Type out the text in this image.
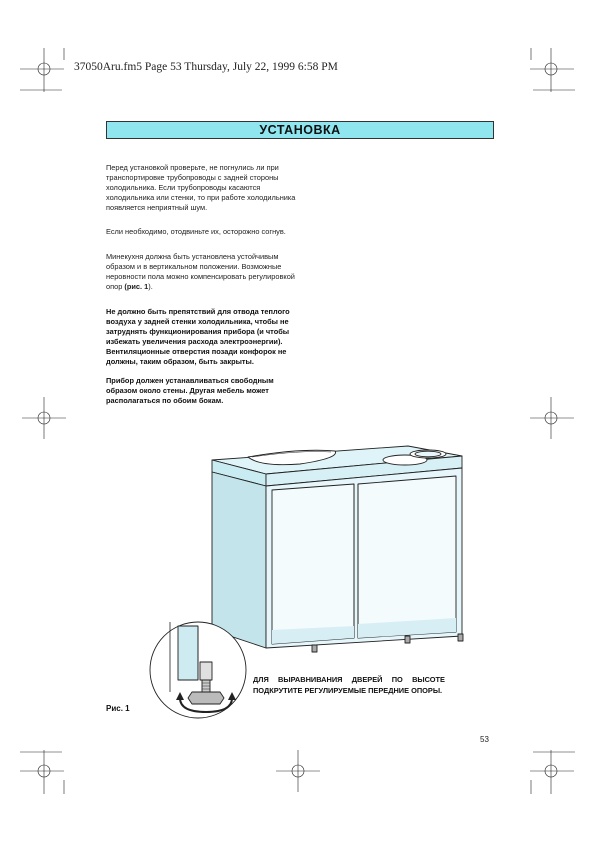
37050Aru.fm5 Page 53 Thursday, July 22, 1999 6:58 PM
УСТАНОВКА
Перед установкой проверьте, не погнулись ли при транспортировке трубопроводы с задней стороны холодильника. Если трубопроводы касаются холодильника или стенки, то при работе холодильника появляется неприятный шум.
Если необходимо, отодвиньте их, осторожно согнув.
Минекухня должна быть установлена устойчивым образом и в вертикальном положении. Возможные неровности пола можно компенсировать регулировкой опор (рис. 1).
Не должно быть препятствий для отвода теплого воздуха у задней стенки холодильника, чтобы не затруднять функционирования прибора (и чтобы избежать увеличения расхода электроэнергии). Вентиляционные отверстия позади конфорок не должны, таким образом, быть закрыты.
Прибор должен устанавливаться свободным образом около стены. Другая мебель может располагаться по обоим бокам.
ДЛЯ ВЫРАВНИВАНИЯ ДВЕРЕЙ ПО ВЫСОТЕ ПОДКРУТИТЕ РЕГУЛИРУЕМЫЕ ПЕРЕДНИЕ ОПОРЫ.
Рис. 1
53
